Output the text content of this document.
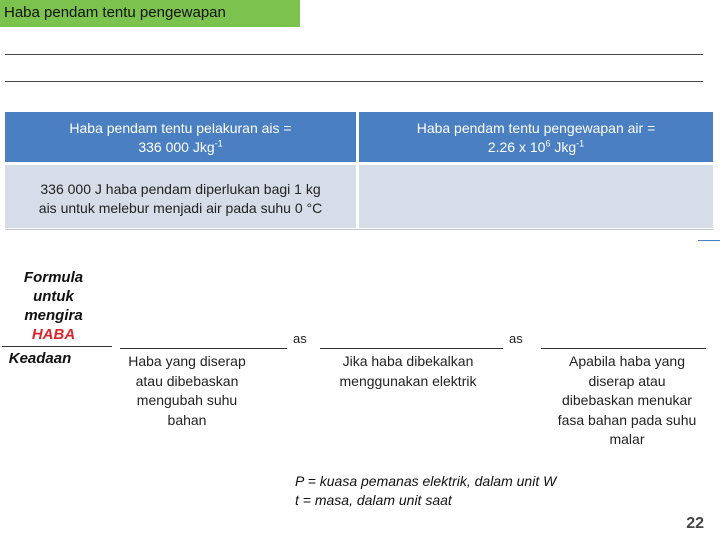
Haba pendam tentu pengewapan
Haba pendam tentu pelakuran ais =
336 000 Jkg$^{-1}$
Haba pendam tentu pengewapan air =
2.26 x $10^6$ Jkg$^{-1}$
336 000 J haba pendam diperlukan bagi 1 kg
ais untuk melebur menjadi air pada suhu 0 °C
Formula
untuk
mengira
HABA
Keadaan
as	as
Haba yang diserap
atau dibebaskan
mengubah suhu
bahan
Jika haba dibekalkan
menggunakan elektrik
Apabila haba yang
diserap atau
dibebaskan menukar
fasa bahan pada suhu
malar
P = kuasa pemanas elektrik, dalam unit W
t = masa, dalam unit saat
22
